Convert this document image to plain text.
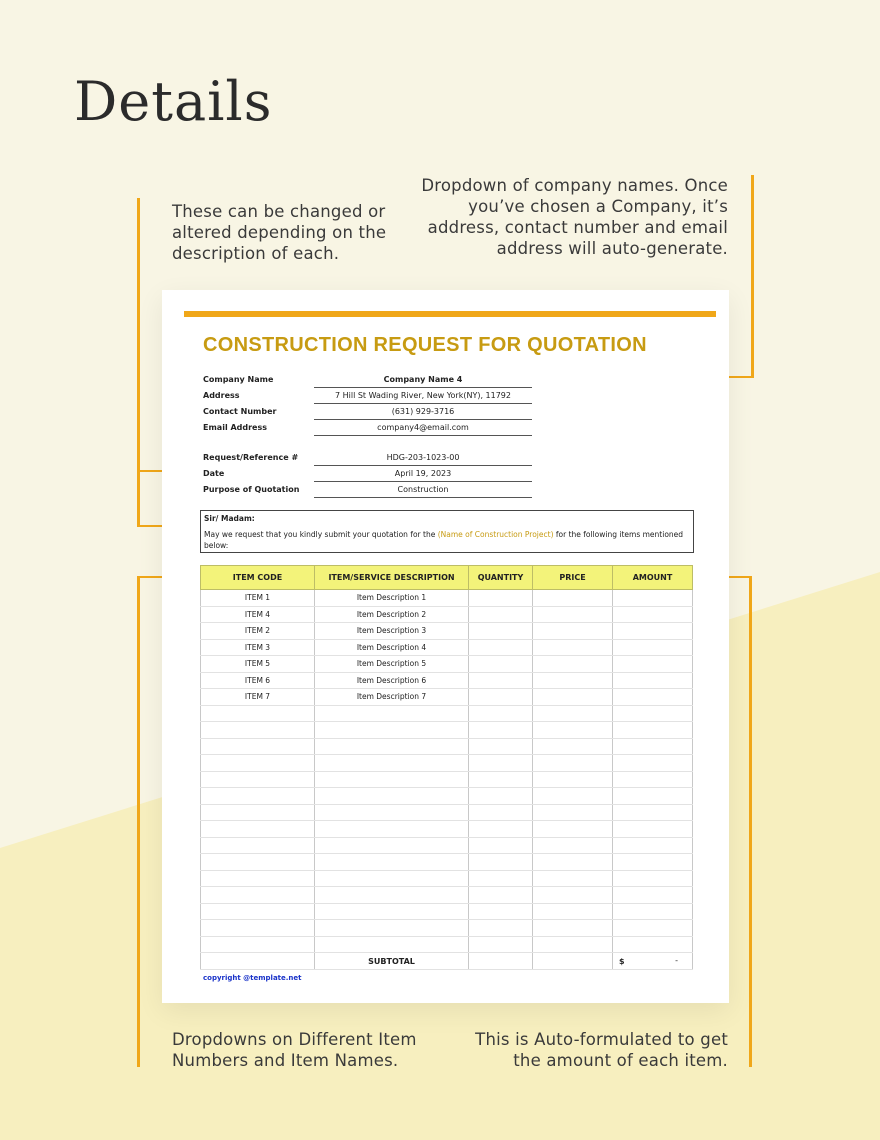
Details
These can be changed or altered depending on the description of each.
Dropdown of company names. Once you’ve chosen a Company, it’s address, contact number and email address will auto-generate.
Dropdowns on Different Item Numbers and Item Names.
This is Auto-formulated to get the amount of each item.
CONSTRUCTION REQUEST FOR QUOTATION
Company Name	Company Name 4
Address	7 Hill St Wading River, New York(NY), 11792
Contact Number	(631) 929-3716
Email Address	company4@email.com
Request/Reference #	HDG-203-1023-00
Date	April 19, 2023
Purpose of Quotation	Construction
Sir/ Madam:
May we request that you kindly submit your quotation for the (Name of Construction Project) for the following items mentioned below:
ITEM CODE	ITEM/SERVICE DESCRIPTION	QUANTITY	PRICE	AMOUNT
ITEM 1	Item Description 1			
ITEM 4	Item Description 2			
ITEM 2	Item Description 3			
ITEM 3	Item Description 4			
ITEM 5	Item Description 5			
ITEM 6	Item Description 6			
ITEM 7	Item Description 7			

	SUBTOTAL			$ -
copyright @template.net
